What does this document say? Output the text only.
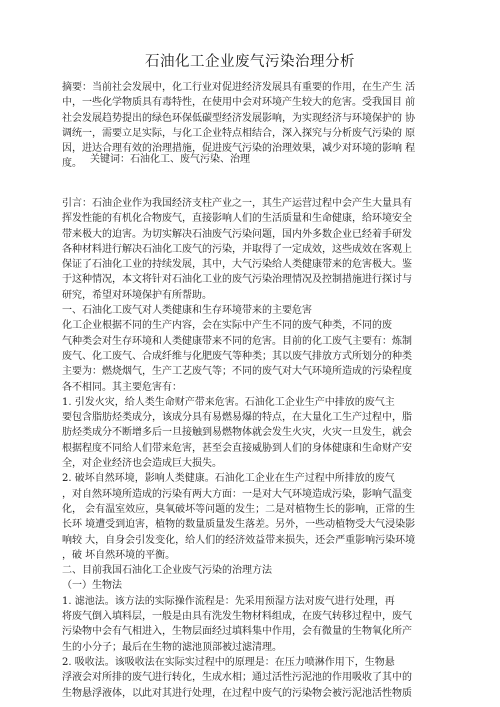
石油化工企业废气污染治理分析
摘要：当前社会发展中，化工行业对促进经济发展具有重要的作用，在生产生 活
中，一些化学物质具有毒特性，在使用中会对环境产生较大的危害。受我国目 前
社会发展趋势提出的绿色环保低碳型经济发展影响，为实现经济与环境保护的 协
调统一，需要立足实际，与化工企业特点相结合，深入探究与分析废气污染的 原
因，进达合理有效的治理措施，促进废气污染的治理效果，减少对环境的影响 程
度。 关键词：石油化工、废气污染、治理
引言：石油企业作为我国经济支柱产业之一，其生产运营过程中会产生大量具有
挥发性能的有机化合物废气，直接影响人们的生活质量和生命健康，给环境安全
带来极大的迫害。为切实解决石油废气污染问题，国内外多数企业已经着手研发
各种材料进行解决石油化工废气的污染，并取得了一定成效，这些成效在客观上
保证了石油化工业的持续发展，其中，大气污染给人类健康带来的危害极大。鉴
于这种情况，本文将针对石油化工业的废气污染治理情况及控制措施进行探讨与
研究，希望对环境保护有所帮助。
一、石油化工废气对人类健康和生存环境带来的主要危害
化工企业根据不同的生产内容，会在实际中产生不同的废气种类，不同的废
气种类会对生存环境和人类健康带来不同的危害。目前的化工废气主要有：炼制
废气、化工废气、合成纤维与化肥废气等种类；其以废气排放方式所划分的种类
主要为：燃烧烟气，生产工艺废气等；不同的废气对大气环境所造成的污染程度
各不相同。其主要危害有：
1. 引发火灾，给人类生命财产带来危害。石油化工企业生产中排放的废气主
要包含脂肪烃类成分，该成分具有易燃易爆的特点，在大量化工生产过程中，脂
肪烃类成分不断增多后一旦接触到易燃物体就会发生火灾，火灾一旦发生，就会
根据程度不同给人们带来危害，甚至会直接威胁到人们的身体健康和生命财产安
全，对企业经济也会造成巨大损失。
2. 破坏自然环境，影响人类健康。石油化工企业在生产过程中所排放的废气
，对自然环境所造成的污染有两大方面：一是对大气环境造成污染，影响气温变
化， 会有温室效应，臭氧破坏等问题的发生；二是对植物生长的影响，正常的生
长环 境遭受到迫害，植物的数量质量发生落差。另外，一些动植物受大气浸染影
响较 大，自身会引发变化，给人们的经济效益带来损失，还会严重影响污染环境
，破 坏自然环境的平衡。
二、目前我国石油化工企业废气污染的治理方法
（一）生物法
1. 滤池法。该方法的实际操作流程是：先采用预湿方法对废气进行处理，再
将废气倒入填料层，一般是由具有洗发生物材料组成，在废气转移过程中，废气
污染物中会有气相进入，生物层面经过填料集中作用，会有微量的生物氧化所产
生的小分子；最后在生物的滤池顶部被过滤清理。
2. 吸收法。该吸收法在实际实过程中的原理是：在压力喷淋作用下，生物悬
浮液会对所排的废气进行转化，生成水相；通过活性污泥池的作用吸收了其中的
生物悬浮液体，以此对其进行处理，在过程中废气的污染物会被污泥池活性物质
